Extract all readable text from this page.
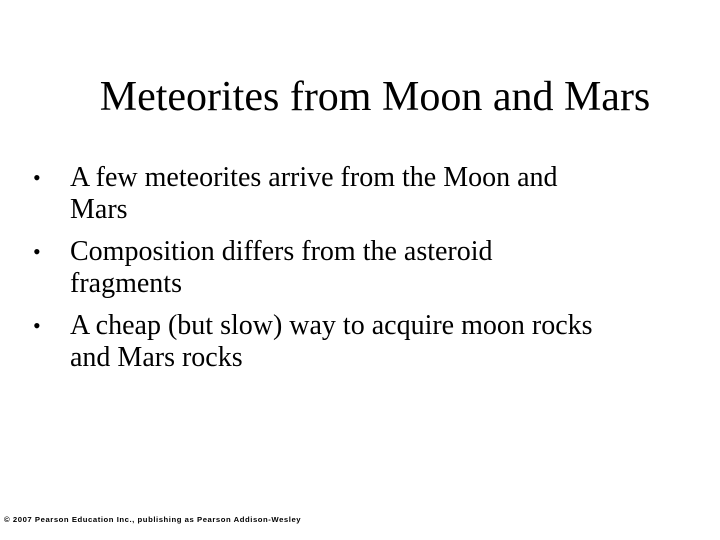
Meteorites from Moon and Mars
•	A few meteorites arrive from the Moon and
Mars
•	Composition differs from the asteroid
fragments
•	A cheap (but slow) way to acquire moon rocks
and Mars rocks
© 2007 Pearson Education Inc., publishing as Pearson Addison-Wesley
